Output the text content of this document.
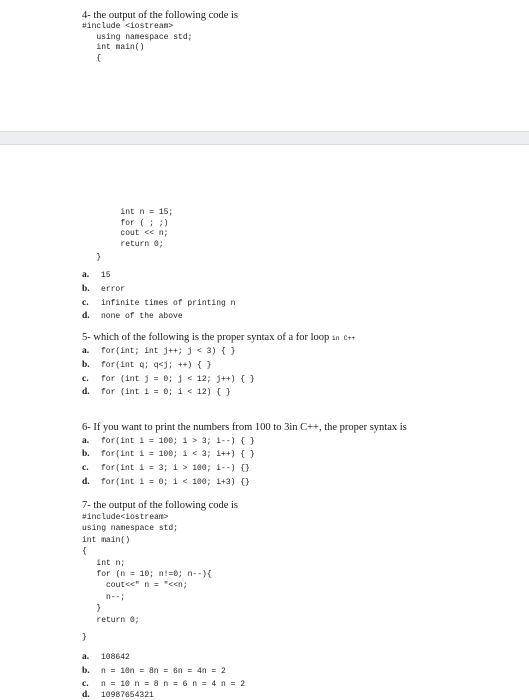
4- the output of the following code is
#include <iostream>
using namespace std;
int main()
{
int n = 15;
for ( ; ;)
cout << n;
return 0;
}
a.	15
b.	error
c.	infinite times of printing n
d.	none of the above
5- which of the following is the proper syntax of a for loop in C++
a.	for(int; int j++; j < 3) { }
b.	for(int q; q<j; ++) { }
c.	for (int j = 0; j < 12; j++) { }
d.	for (int i = 0; i < 12) { }
6- If you want to print the numbers from 100 to 3in C++, the proper syntax is
a.	for(int i = 100; i > 3; i--) { }
b.	for(int i = 100; i < 3; i++) { }
c.	for(int i = 3; i > 100; i--) {}
d.	for(int i = 0; i < 100; i+3) {}
7- the output of the following code is
#include<iostream>
using namespace std;
int main()
{
int n;
for (n = 10; n!=0; n--){
cout<<" n = "<<n;
n--;
}
return 0;
}
a.	108642
b.	n = 10n = 8n = 6n = 4n = 2
c.	n = 10 n = 8 n = 6 n = 4 n = 2
d.	10987654321
